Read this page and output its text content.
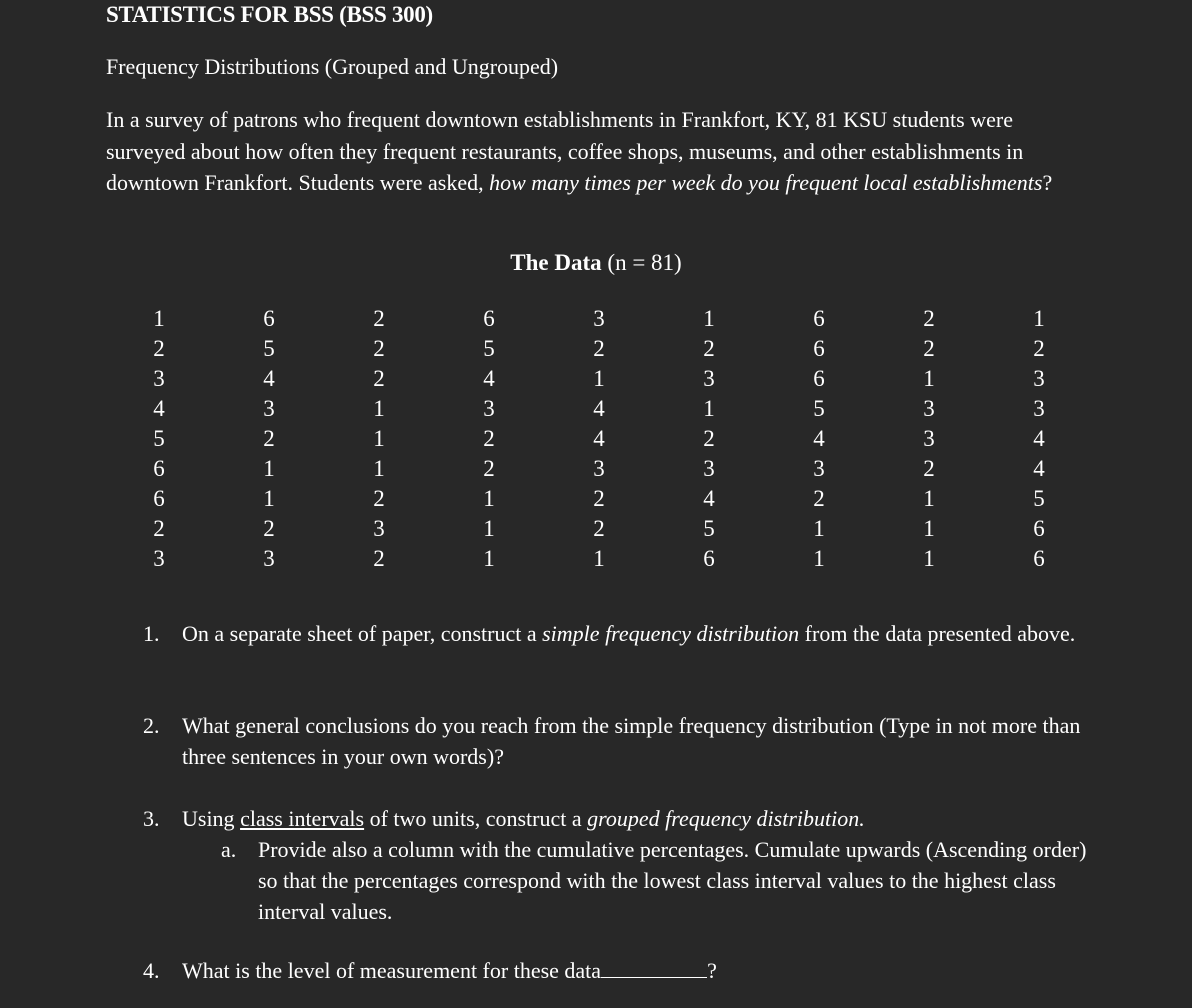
STATISTICS FOR BSS (BSS 300)
Frequency Distributions (Grouped and Ungrouped)
In a survey of patrons who frequent downtown establishments in Frankfort, KY, 81 KSU students were surveyed about how often they frequent restaurants, coffee shops, museums, and other establishments in downtown Frankfort. Students were asked, how many times per week do you frequent local establishments?
The Data (n = 81)
1
2
3
4
5
6
6
2
3
6
5
4
3
2
1
1
2
3
2
2
2
1
1
1
2
3
2
6
5
4
3
2
2
1
1
1
3
2
1
4
4
3
2
2
1
1
2
3
1
2
3
4
5
6
6
6
6
5
4
3
2
1
1
2
2
1
3
3
2
1
1
1
1
2
3
3
4
4
5
6
6
1. On a separate sheet of paper, construct a simple frequency distribution from the data presented above.
2. What general conclusions do you reach from the simple frequency distribution (Type in not more than three sentences in your own words)?
3. Using class intervals of two units, construct a grouped frequency distribution.
a. Provide also a column with the cumulative percentages. Cumulate upwards (Ascending order) so that the percentages correspond with the lowest class interval values to the highest class interval values.
4. What is the level of measurement for these data	?
